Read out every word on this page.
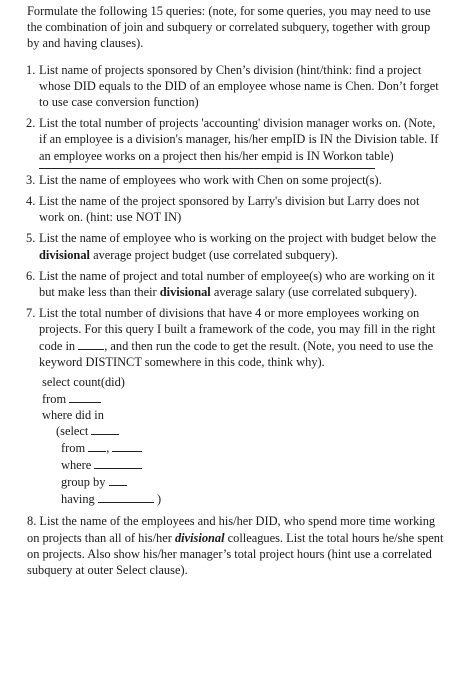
Formulate the following 15 queries: (note, for some queries, you may need to use the combination of join and subquery or correlated subquery, together with group by and having clauses).

1. List name of projects sponsored by Chen’s division (hint/think: find a project whose DID equals to the DID of an employee whose name is Chen. Don’t forget to use case conversion function)
2. List the total number of projects 'accounting' division manager works on. (Note, if an employee is a division's manager, his/her empID is IN the Division table. If an employee works on a project then his/her empid is IN Workon table)
3. List the name of employees who work with Chen on some project(s).
4. List the name of the project sponsored by Larry's division but Larry does not work on. (hint: use NOT IN)
5. List the name of employee who is working on the project with budget below the divisional average project budget (use correlated subquery).
6. List the name of project and total number of employee(s) who are working on it but make less than their divisional average salary (use correlated subquery).
7. List the total number of divisions that have 4 or more employees working on projects. For this query I built a framework of the code, you may fill in the right code in , and then run the code to get the result. (Note, you need to use the keyword DISTINCT somewhere in this code, think why).
select count(did)
from
where did in
(select
from ,
where
group by
having	)
8. List the name of the employees and his/her DID, who spend more time working on projects than all of his/her divisional colleagues. List the total hours he/she spent on projects. Also show his/her manager’s total project hours (hint use a correlated subquery at outer Select clause).
